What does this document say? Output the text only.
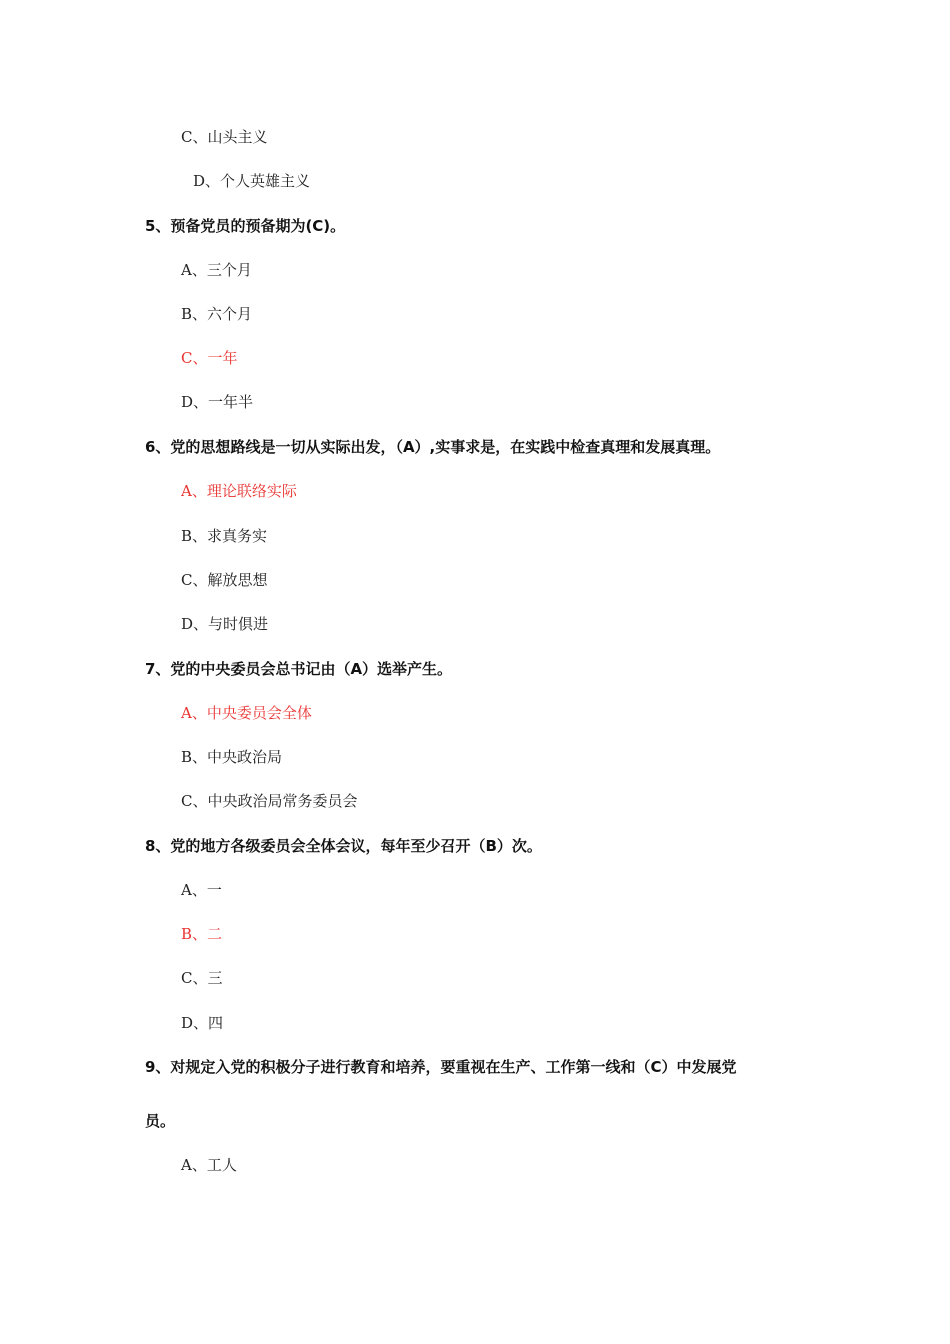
C、山头主义
D、个人英雄主义
5、预备党员的预备期为(C)。
A、三个月
B、六个月
C、一年
D、一年半
6、党的思想路线是一切从实际出发，（A）,实事求是，在实践中检查真理和发展真理。
A、理论联络实际
B、求真务实
C、解放思想
D、与时俱进
7、党的中央委员会总书记由（A）选举产生。
A、中央委员会全体
B、中央政治局
C、中央政治局常务委员会
8、党的地方各级委员会全体会议，每年至少召开（B）次。
A、一
B、二
C、三
D、四
9、对规定入党的积极分子进行教育和培养，要重视在生产、工作第一线和（C）中发展党
员。
A、工人
